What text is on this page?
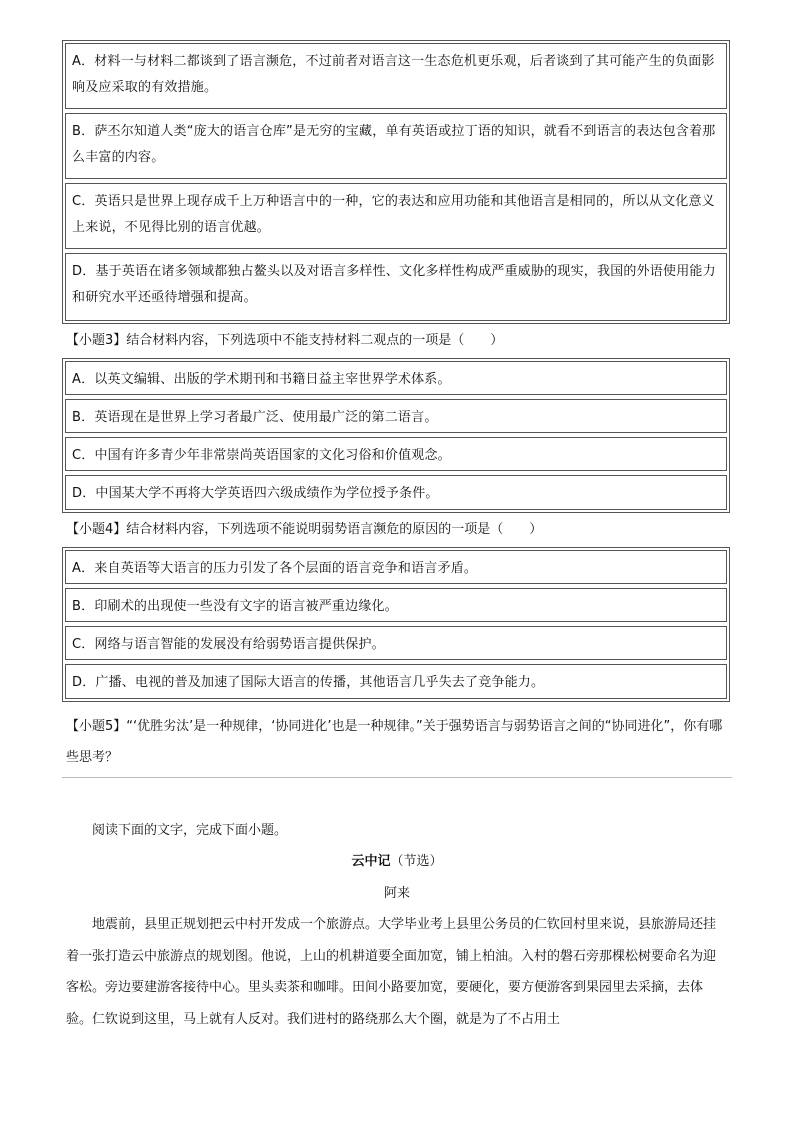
A．材料一与材料二都谈到了语言濒危，不过前者对语言这一生态危机更乐观，后者谈到了其可能产生的负面影响及应采取的有效措施。
B．萨丕尔知道人类“庞大的语言仓库”是无穷的宝藏，单有英语或拉丁语的知识，就看不到语言的表达包含着那么丰富的内容。
C．英语只是世界上现存成千上万种语言中的一种，它的表达和应用功能和其他语言是相同的，所以从文化意义上来说，不见得比别的语言优越。
D．基于英语在诸多领域都独占鳌头以及对语言多样性、文化多样性构成严重威胁的现实，我国的外语使用能力和研究水平还亟待增强和提高。
【小题3】结合材料内容，下列选项中不能支持材料二观点的一项是（　　）
A．以英文编辑、出版的学术期刊和书籍日益主宰世界学术体系。
B．英语现在是世界上学习者最广泛、使用最广泛的第二语言。
C．中国有许多青少年非常崇尚英语国家的文化习俗和价值观念。
D．中国某大学不再将大学英语四六级成绩作为学位授予条件。
【小题4】结合材料内容，下列选项不能说明弱势语言濒危的原因的一项是（　　）
A．来自英语等大语言的压力引发了各个层面的语言竞争和语言矛盾。
B．印刷术的出现使一些没有文字的语言被严重边缘化。
C．网络与语言智能的发展没有给弱势语言提供保护。
D．广播、电视的普及加速了国际大语言的传播，其他语言几乎失去了竞争能力。
【小题5】“‘优胜劣汰’是一种规律，‘协同进化’也是一种规律。”关于强势语言与弱势语言之间的“协同进化”，你有哪些思考？
阅读下面的文字，完成下面小题。
云中记（节选）
阿来
地震前，县里正规划把云中村开发成一个旅游点。大学毕业考上县里公务员的仁钦回村里来说，县旅游局还挂着一张打造云中旅游点的规划图。他说，上山的机耕道要全面加宽，铺上柏油。入村的磐石旁那棵松树要命名为迎客松。旁边要建游客接待中心。里头卖茶和咖啡。田间小路要加宽，要硬化，要方便游客到果园里去采摘，去体验。仁钦说到这里，马上就有人反对。我们进村的路绕那么大个圈，就是为了不占用土
